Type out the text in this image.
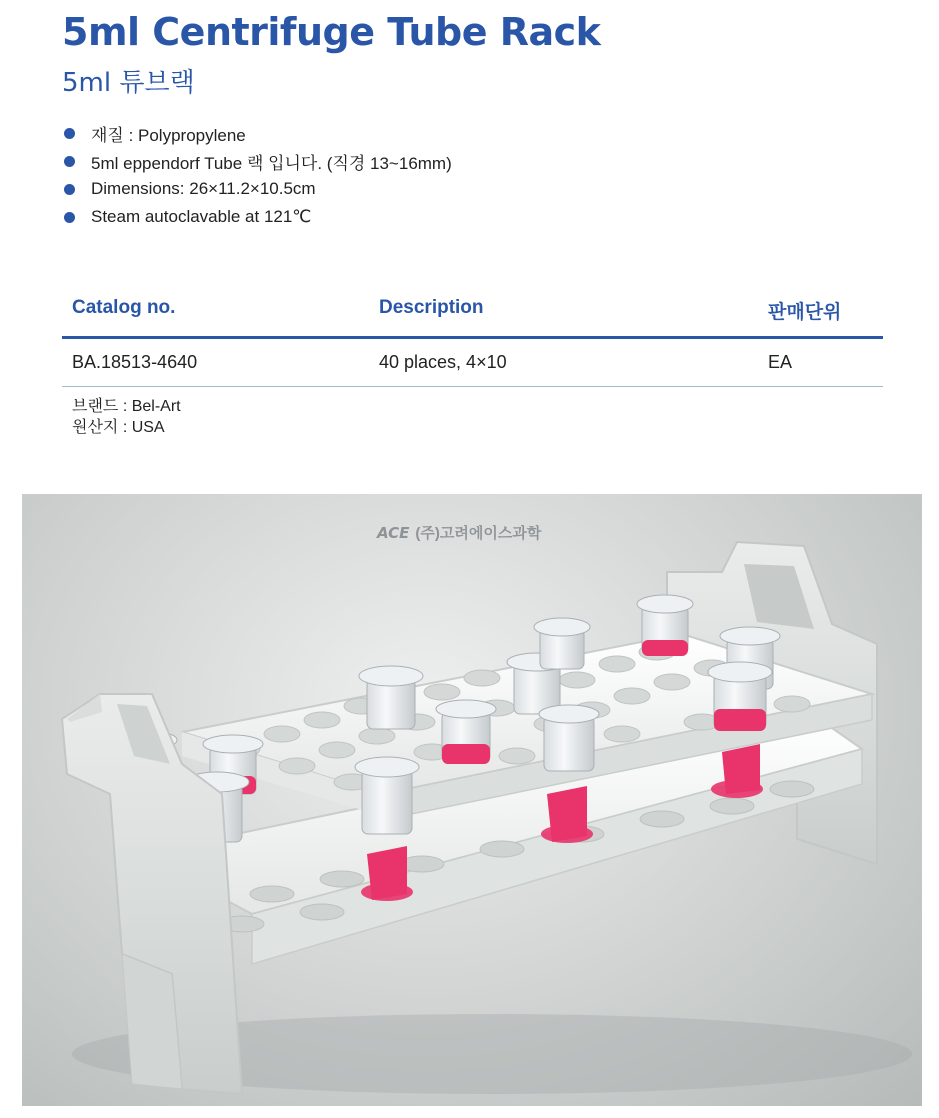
5ml Centrifuge Tube Rack
5ml 튜브랙
재질 : Polypropylene
5ml eppendorf Tube 랙 입니다. (직경 13~16mm)
Dimensions: 26×11.2×10.5cm
Steam autoclavable at 121℃
Catalog no.	Description	판매단위
BA.18513-4640	40 places, 4×10	EA
브랜드 : Bel-Art
원산지 : USA
ACE (주)고려에이스과학
